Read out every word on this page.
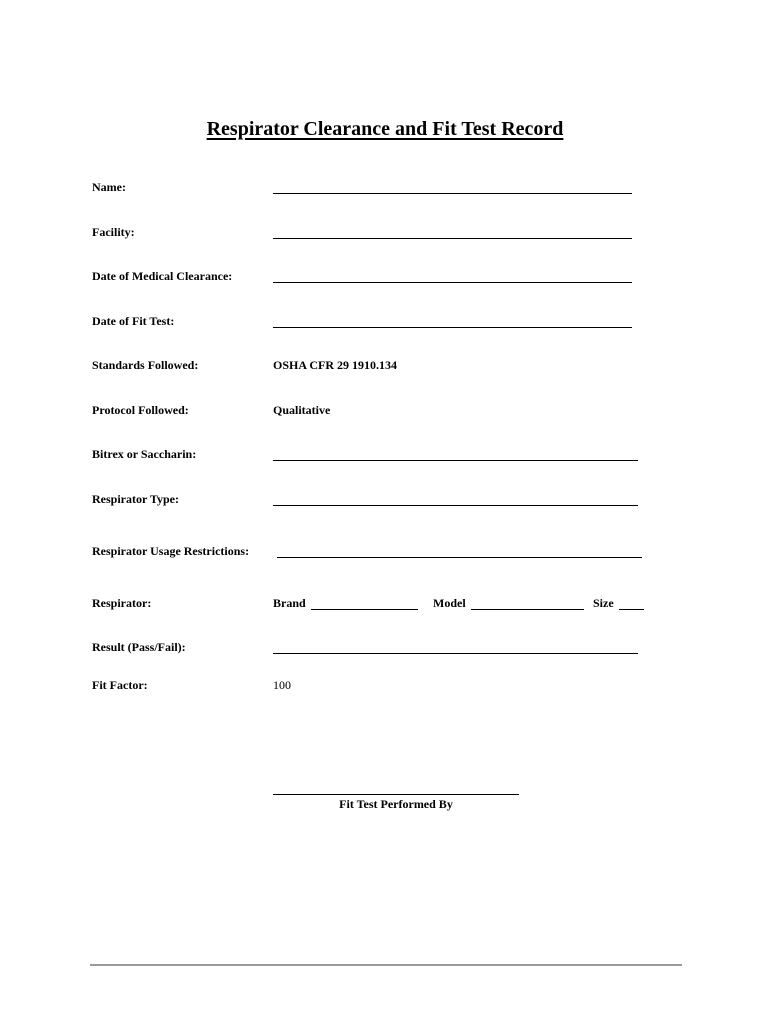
Respirator Clearance and Fit Test Record
Name:
Facility:
Date of Medical Clearance:
Date of Fit Test:
Standards Followed:	OSHA CFR 29 1910.134
Protocol Followed:	Qualitative
Bitrex or Saccharin:
Respirator Type:
Respirator Usage Restrictions:
Respirator:	Brand	Model	Size
Result (Pass/Fail):
Fit Factor:	100
Fit Test Performed By
